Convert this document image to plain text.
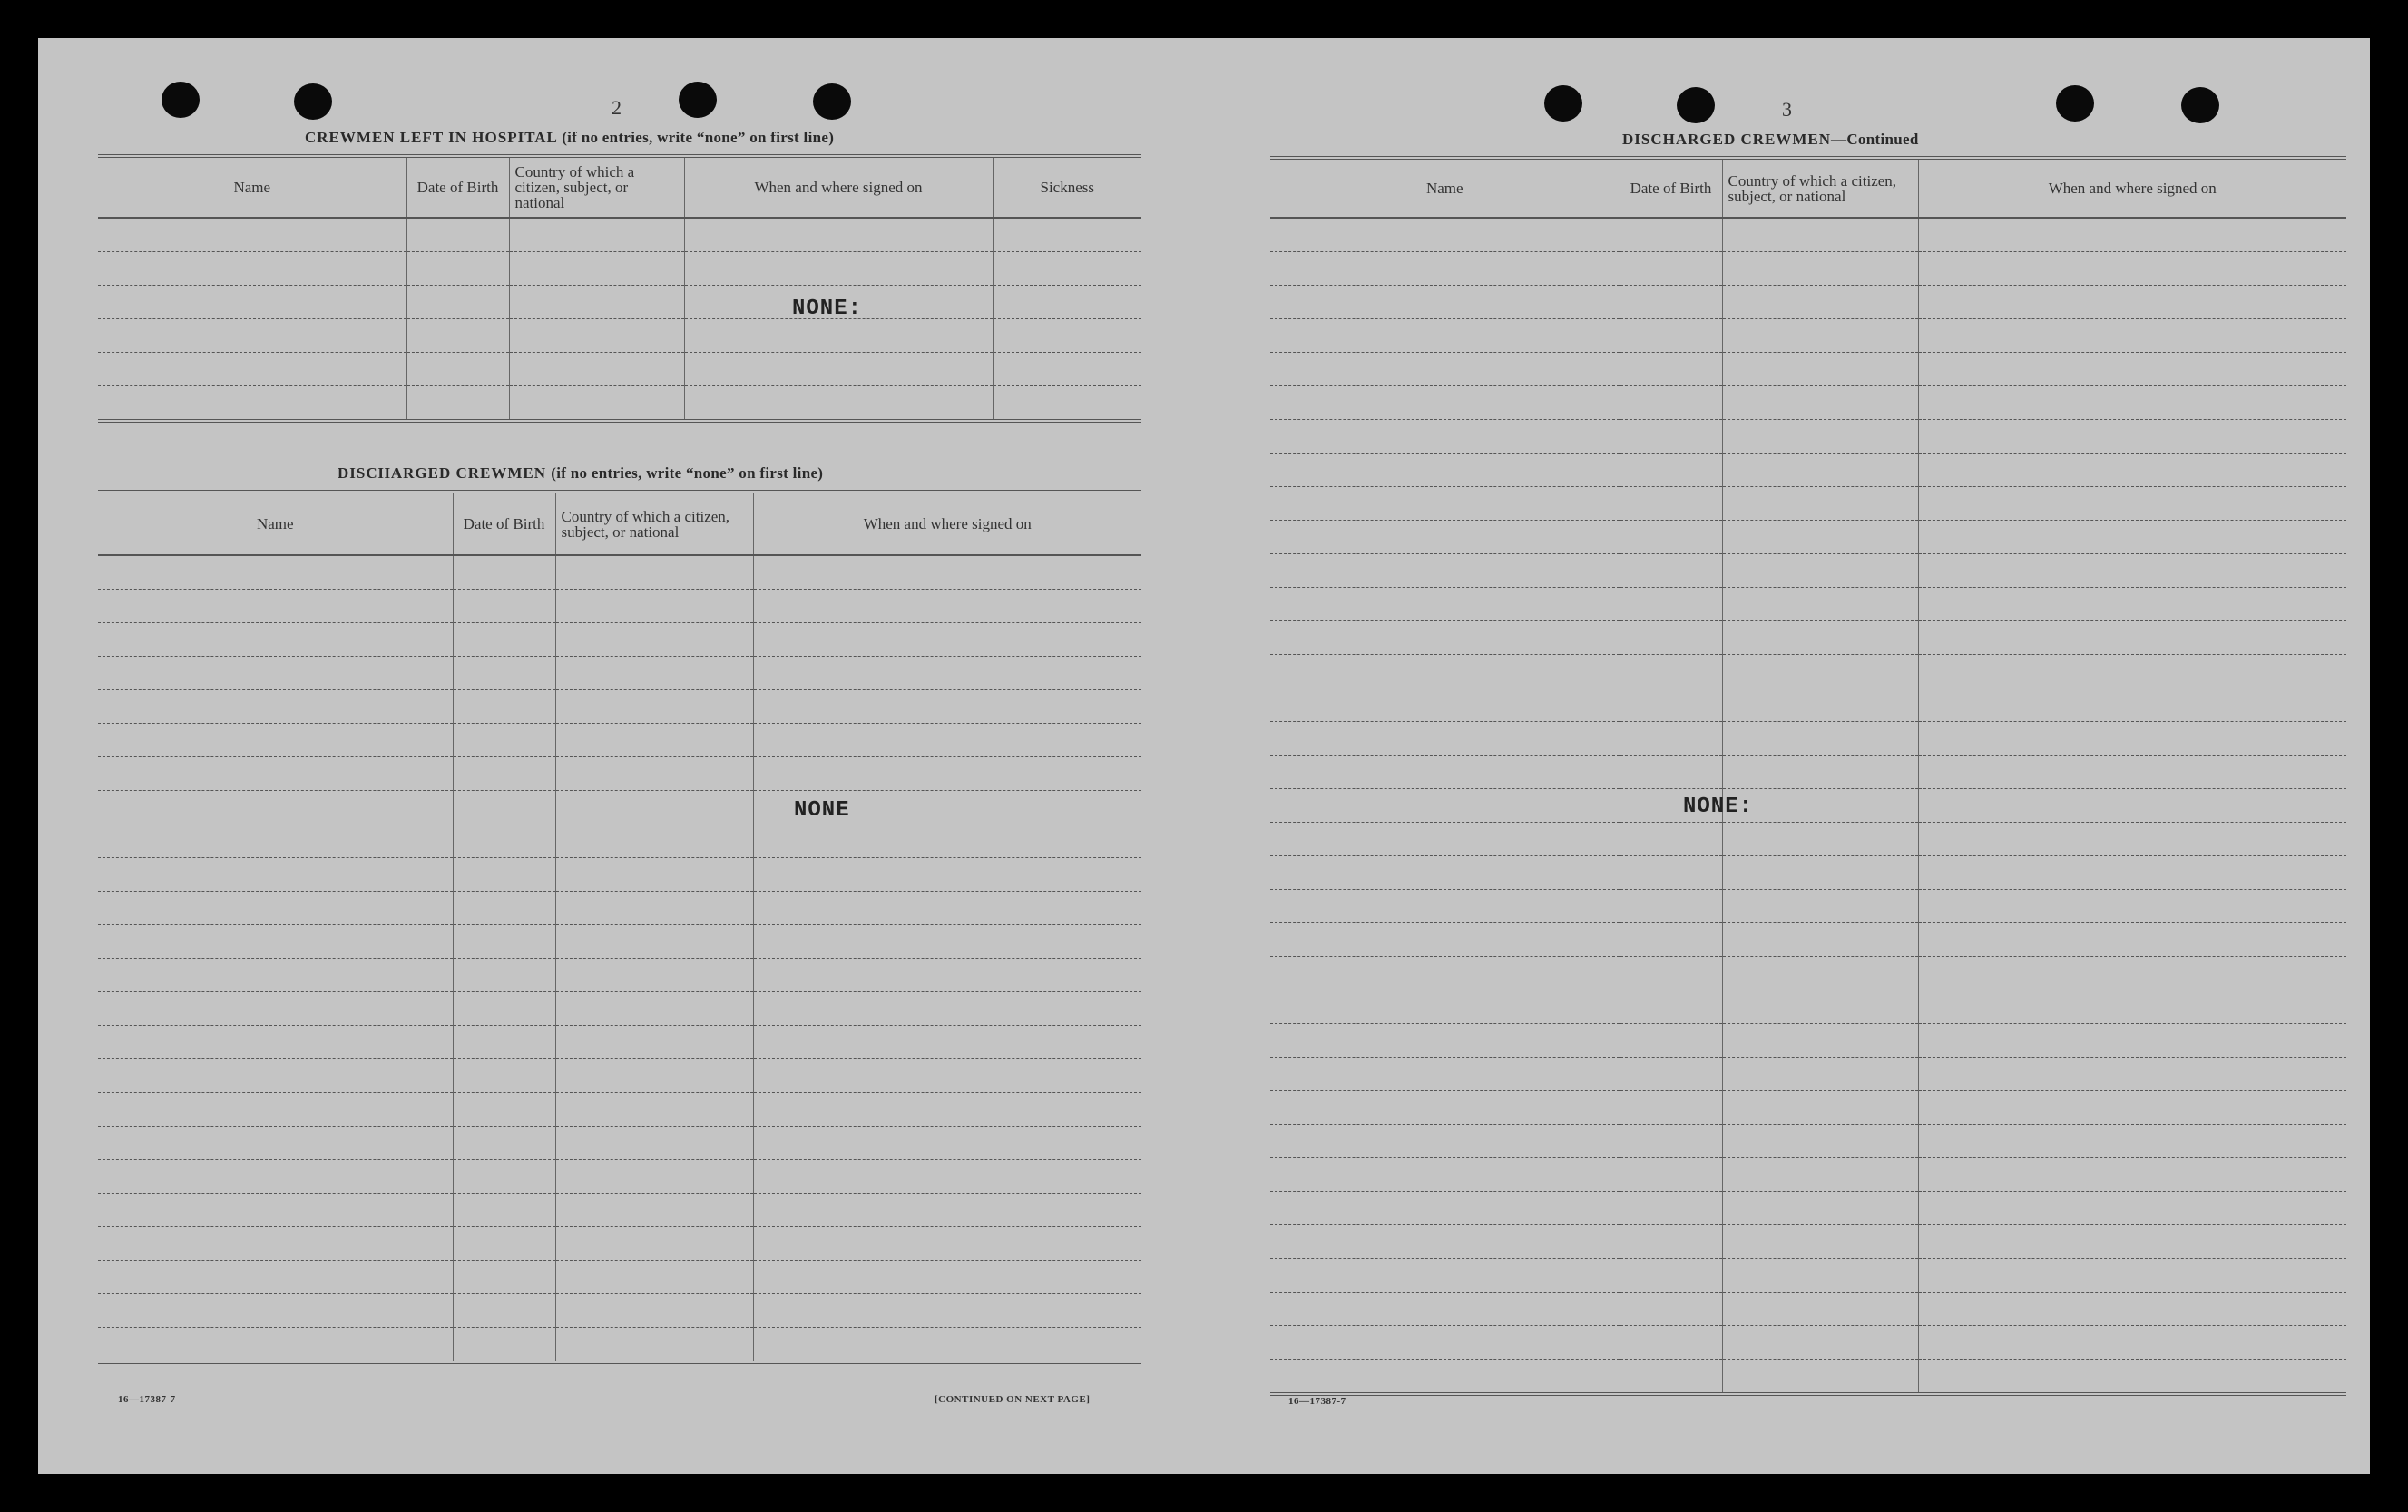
2
CREWMEN LEFT IN HOSPITAL (if no entries, write “none” on first line)
Name	Date of Birth	Country of which a citizen, subject, or national	When and where signed on	Sickness

NONE:
DISCHARGED CREWMEN (if no entries, write “none” on first line)
Name	Date of Birth	Country of which a citizen, subject, or national	When and where signed on

NONE
16—17387-7	[CONTINUED ON NEXT PAGE]
3
DISCHARGED CREWMEN—Continued
Name	Date of Birth	Country of which a citizen, subject, or national	When and where signed on

NONE:
16—17387-7
